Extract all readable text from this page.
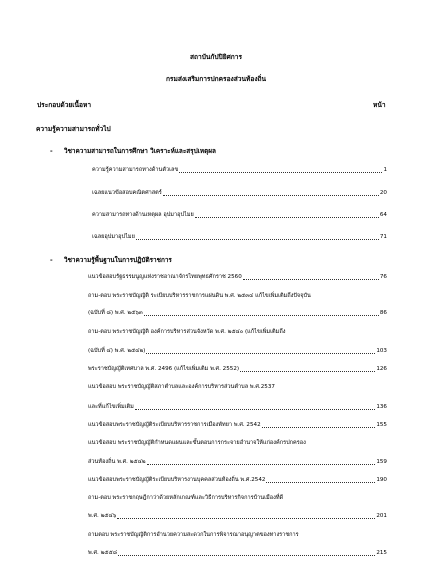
สถาบันกัปปิยิศการ
กรมส่งเสริมการปกครองส่วนท้องถิ่น
ประกอบด้วยเนื้อหา	หน้า
ความรู้ความสามารถทั่วไป
- วิชาความสามารถในการศึกษา วิเคราะห์และสรุปเหตุผล
ความรู้ความสามารถทางด้านตัวเลข	1
เฉลยแนวข้อสอบคณิตศาสตร์	20
ความสามารถทางด้านเหตุผล อุปมาอุปไมย	64
เฉลยอุปมาอุปไมย	71
- วิชาความรู้พื้นฐานในการปฏิบัติราชการ
แนวข้อสอบรัฐธรรมนูญแห่งราชอาณาจักรไทยพุทธศักราช 2560	76
ถาม-ตอบ พระราชบัญญัติ ระเบียบบริหารราชการแผ่นดิน พ.ศ. ๒๕๓๔ แก้ไขเพิ่มเติมถึงปัจจุบัน
(ฉบับที่ ๘) พ.ศ. ๒๕๖๓	86
ถาม-ตอบ พระราชบัญญัติ องค์การบริหารส่วนจังหวัด พ.ศ. ๒๕๔๐ (แก้ไขเพิ่มเติมถึง
(ฉบับที่ ๔) พ.ศ. ๒๕๔๒)	103
พระราชบัญญัติเทศบาล พ.ศ. 2496 (แก้ไขเพิ่มเติม พ.ศ. 2552)	126
แนวข้อสอบ พระราชบัญญัติสภาตำบลและองค์การบริหารส่วนตำบล พ.ศ.2537
และที่แก้ไขเพิ่มเติม	136
แนวข้อสอบพระราชบัญญัติระเบียบบริหารราชการเมืองพัทยา พ.ศ. 2542	155
แนวข้อสอบ พระราชบัญญัติกำหนดแผนและขั้นตอนการกระจายอำนาจให้แก่องค์กรปกครอง
ส่วนท้องถิ่น พ.ศ. ๒๕๔๒	159
แนวข้อสอบพระราชบัญญัติระเบียบบริหารงานบุคคลส่วนท้องถิ่น พ.ศ.2542	190
ถาม-ตอบ พระราชกฤษฎีกาว่าด้วยหลักเกณฑ์และวิธีการบริหารกิจการบ้านเมืองที่ดี
พ.ศ. ๒๕๔๖	201
ถามตอบ พระราชบัญญัติการอำนวยความสะดวกในการพิจารณาอนุญาตของทางราชการ
พ.ศ. ๒๕๕๘	215
